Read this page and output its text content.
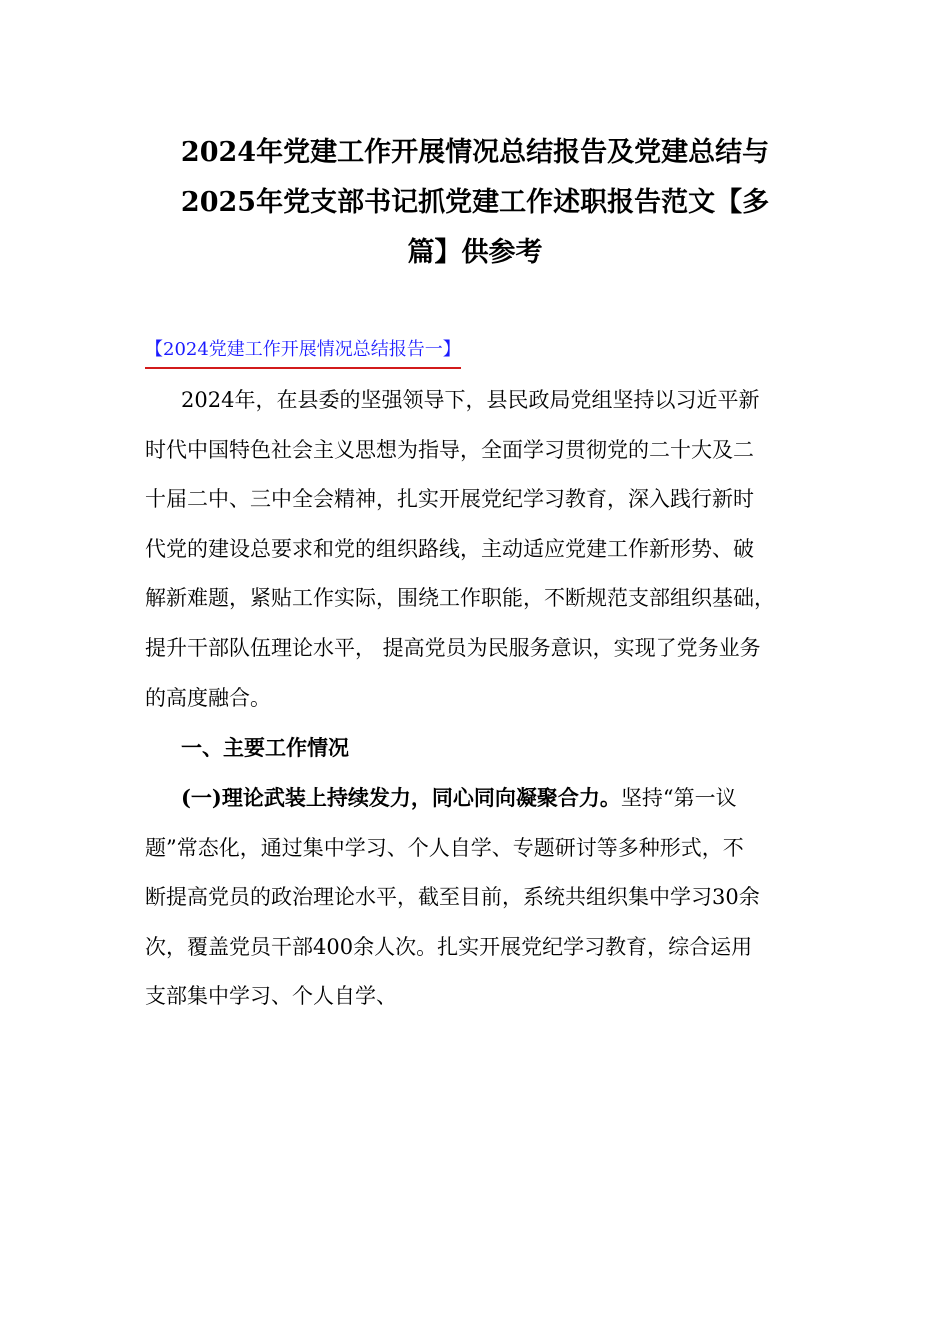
2024年党建工作开展情况总结报告及党建总结与
2025年党支部书记抓党建工作述职报告范文【多
篇】供参考
【2024党建工作开展情况总结报告一】

2024年，在县委的坚强领导下，县民政局党组坚持以习近平新
时代中国特色社会主义思想为指导，全面学习贯彻党的二十大及二
十届二中、三中全会精神，扎实开展党纪学习教育，深入践行新时
代党的建设总要求和党的组织路线，主动适应党建工作新形势、破
解新难题，紧贴工作实际，围绕工作职能，不断规范支部组织基础，
提升干部队伍理论水平， 提高党员为民服务意识，实现了党务业务
的高度融合。

一、主要工作情况

(一)理论武装上持续发力，同心同向凝聚合力。坚持“第一议
题”常态化，通过集中学习、个人自学、专题研讨等多种形式，不
断提高党员的政治理论水平，截至目前，系统共组织集中学习30余
次，覆盖党员干部400余人次。扎实开展党纪学习教育，综合运用
支部集中学习、个人自学、
